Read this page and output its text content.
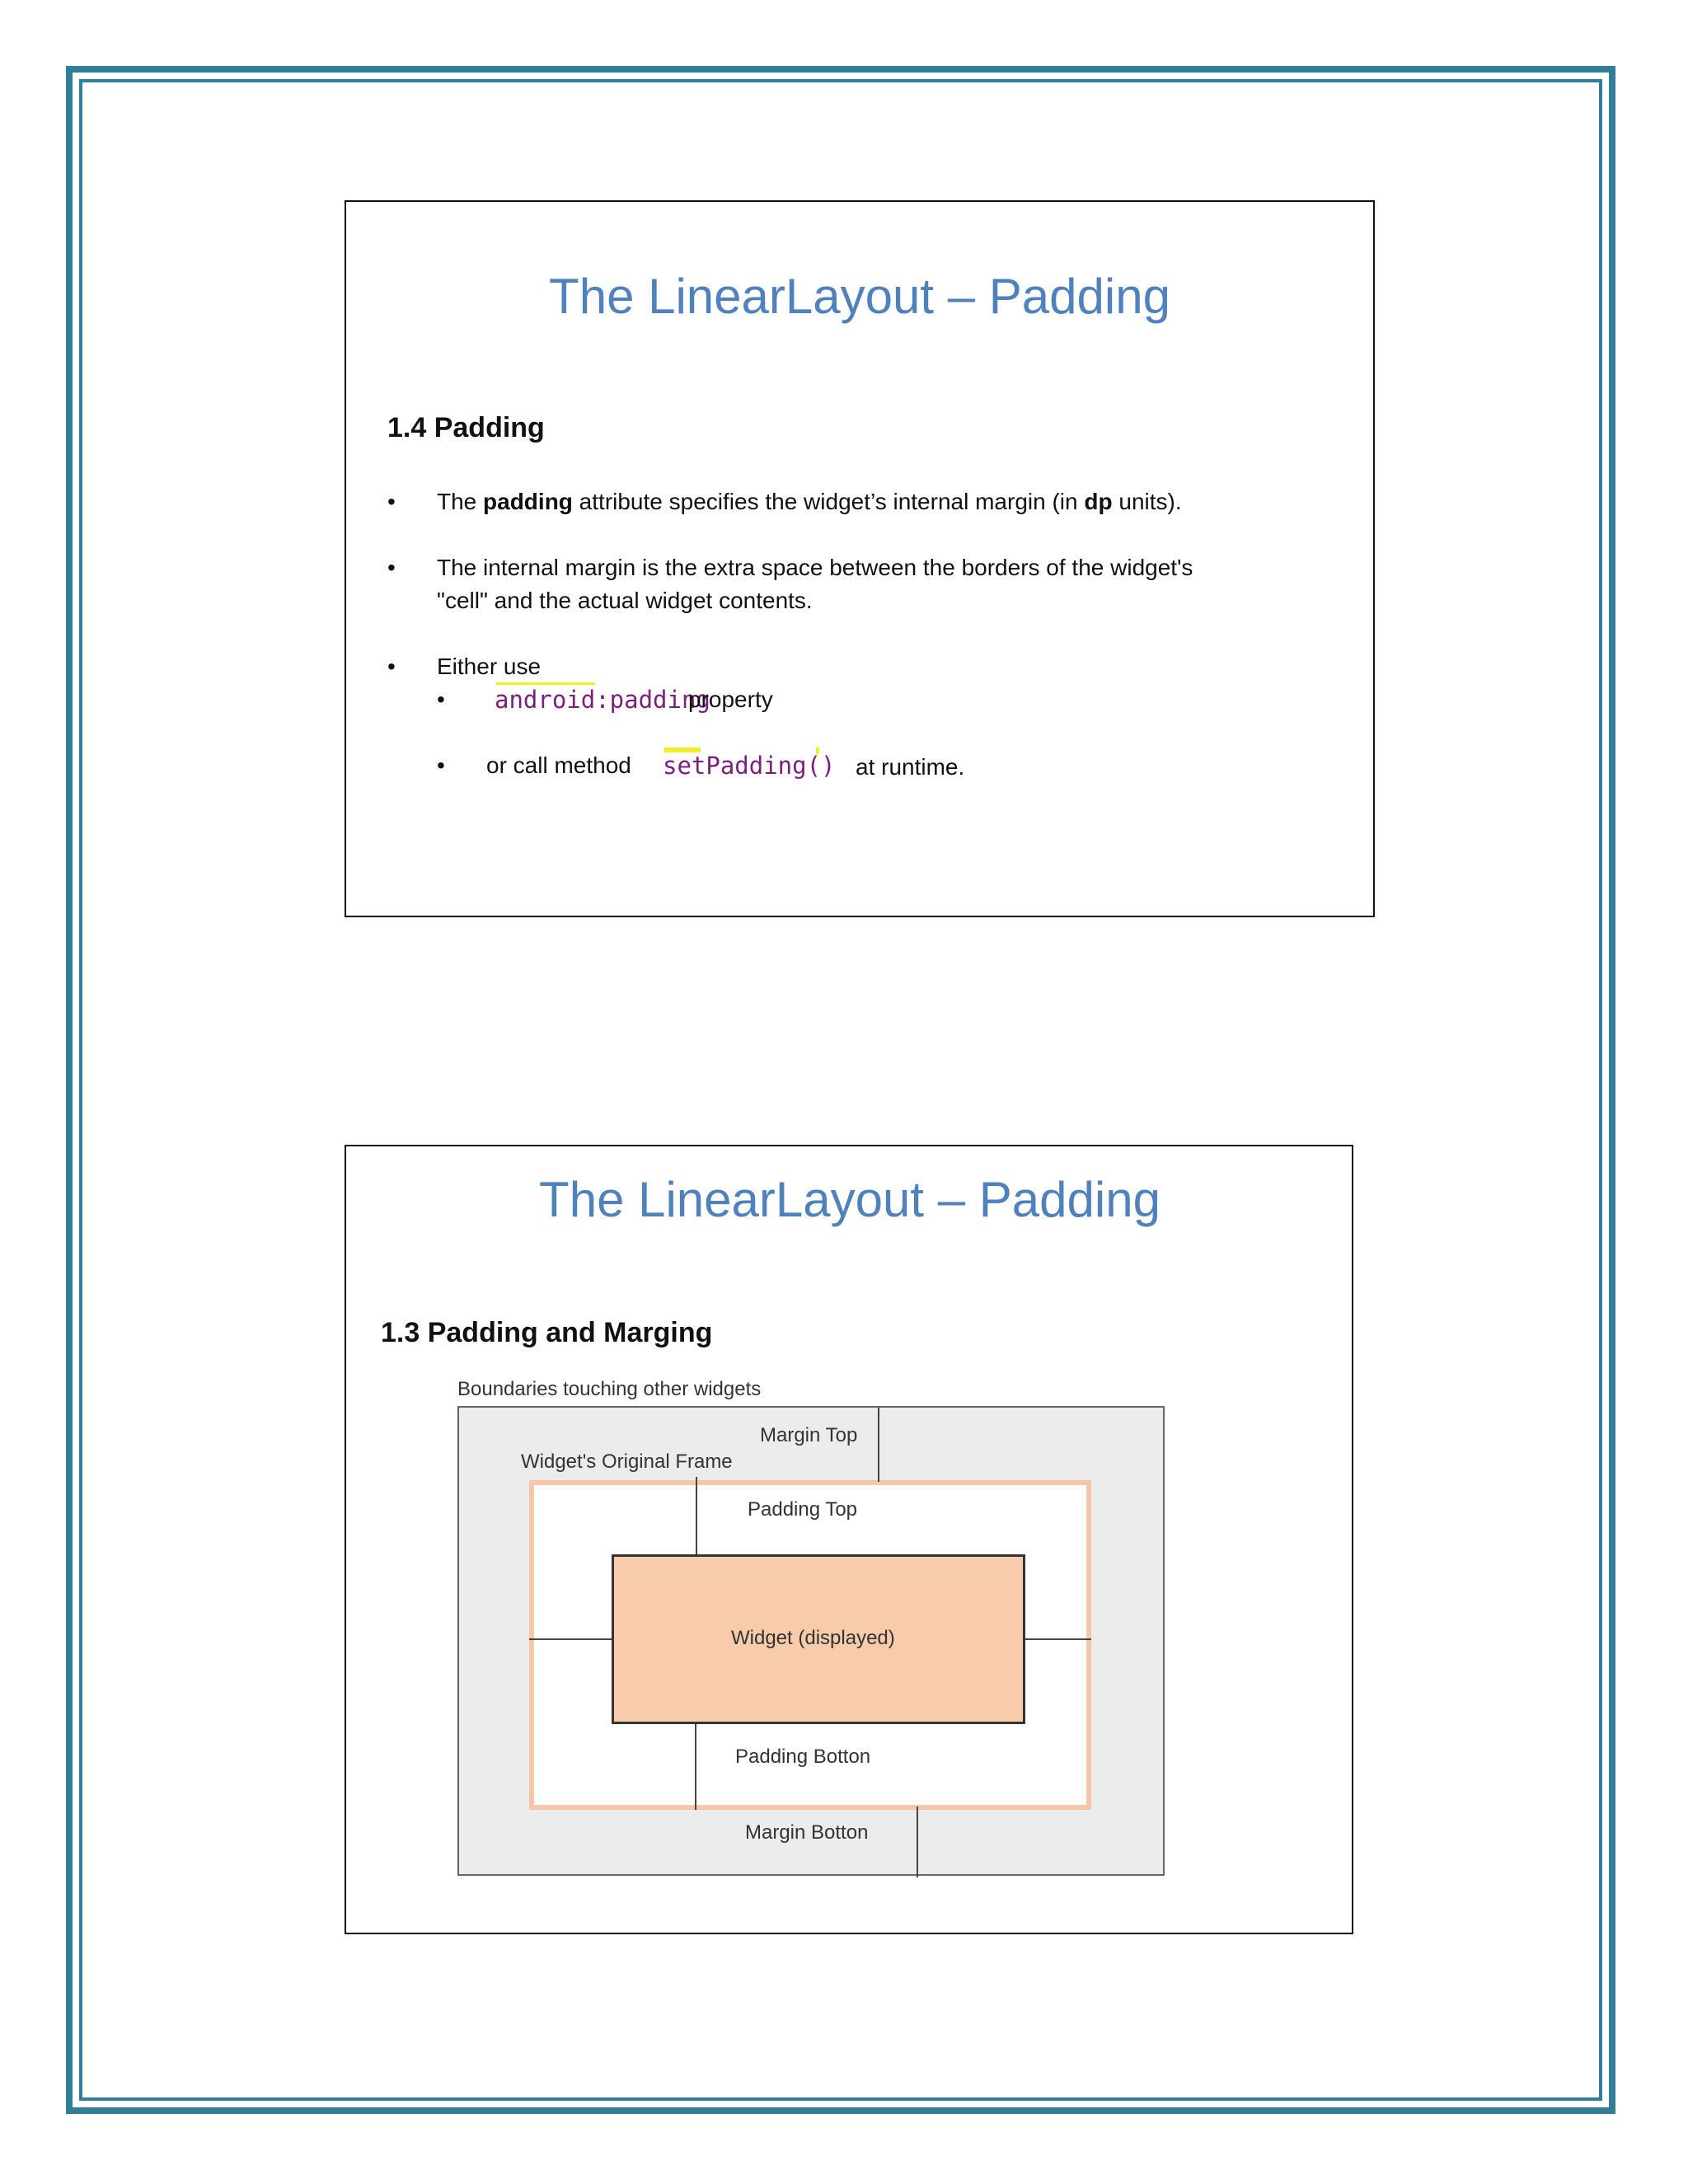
The LinearLayout – Padding
1.4 Padding
• The padding attribute specifies the widget’s internal margin (in dp units).
• The internal margin is the extra space between the borders of the widget's
"cell" and the actual widget contents.
• Either use
• android:padding
property
• or call method setPadding() at runtime.
The LinearLayout – Padding
1.3 Padding and Marging
Boundaries touching other widgets
Margin Top
Widget's Original Frame
Padding Top
Widget (displayed)
Padding Botton
Margin Botton
